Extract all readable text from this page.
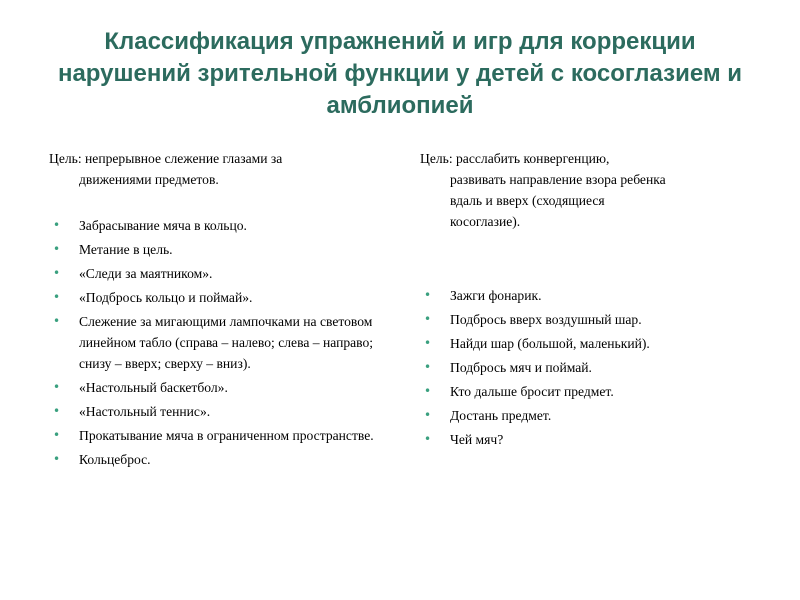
Классификация упражнений и игр для коррекции нарушений зрительной функции у детей с косоглазием и амблиопией
Цель: непрерывное слежение глазами за
движениями предметов.
• Забрасывание мяча в кольцо.
• Метание в цель.
• «Следи за маятником».
• «Подбрось кольцо и поймай».
• Слежение за мигающими лампочками на световом линейном табло (справа – налево; слева – направо; снизу – вверх; сверху – вниз).
• «Настольный баскетбол».
• «Настольный теннис».
• Прокатывание мяча в ограниченном пространстве.
• Кольцеброс.
Цель: расслабить конвергенцию,
развивать направление взора ребенка
вдаль и вверх (сходящиеся
косоглазие).
• Зажги фонарик.
• Подбрось вверх воздушный шар.
• Найди шар (большой, маленький).
• Подбрось мяч и поймай.
• Кто дальше бросит предмет.
• Достань предмет.
• Чей мяч?
